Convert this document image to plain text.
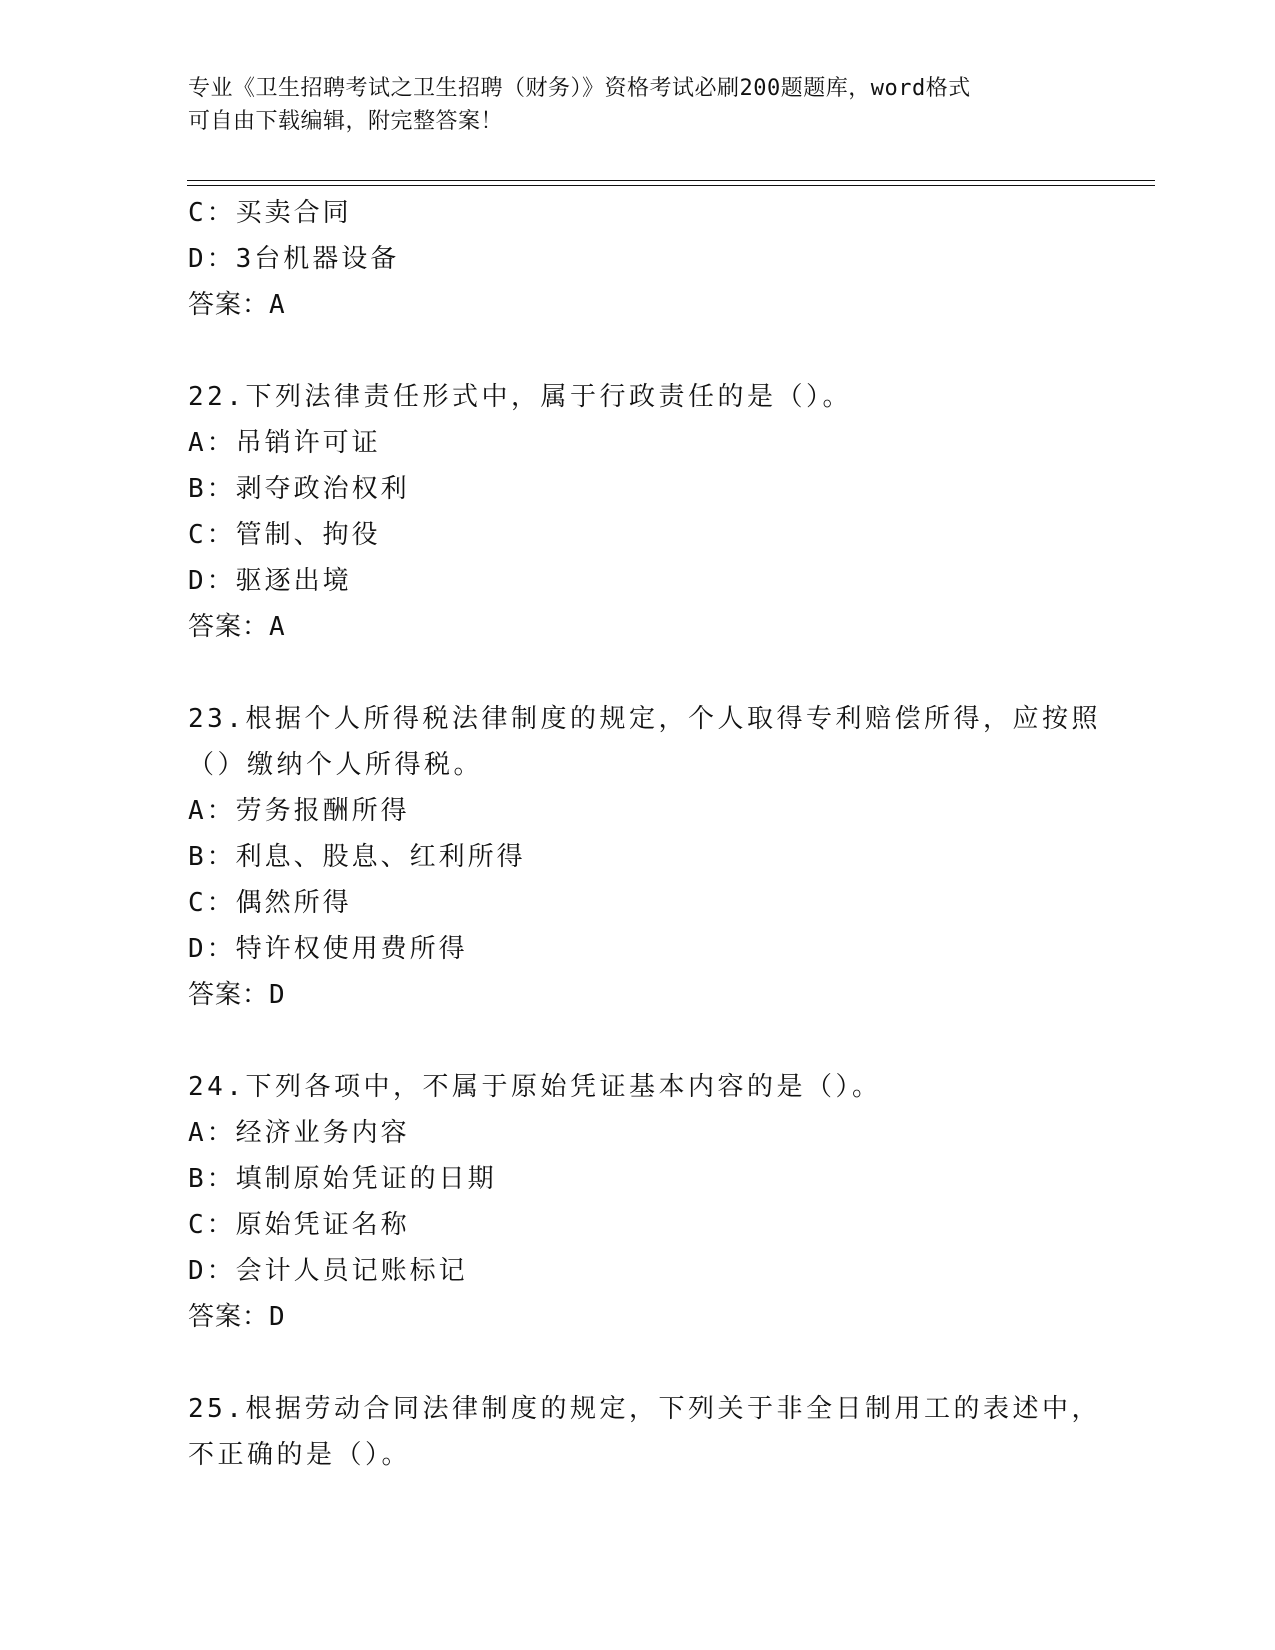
专业《卫生招聘考试之卫生招聘（财务）》资格考试必刷200题题库，word格式
可自由下载编辑，附完整答案！
C：买卖合同
D：3台机器设备
答案：A
22.下列法律责任形式中，属于行政责任的是（）。
A：吊销许可证
B：剥夺政治权利
C：管制、拘役
D：驱逐出境
答案：A
23.根据个人所得税法律制度的规定，个人取得专利赔偿所得，应按照
（）缴纳个人所得税。
A：劳务报酬所得
B：利息、股息、红利所得
C：偶然所得
D：特许权使用费所得
答案：D
24.下列各项中，不属于原始凭证基本内容的是（）。
A：经济业务内容
B：填制原始凭证的日期
C：原始凭证名称
D：会计人员记账标记
答案：D
25.根据劳动合同法律制度的规定，下列关于非全日制用工的表述中，
不正确的是（）。
